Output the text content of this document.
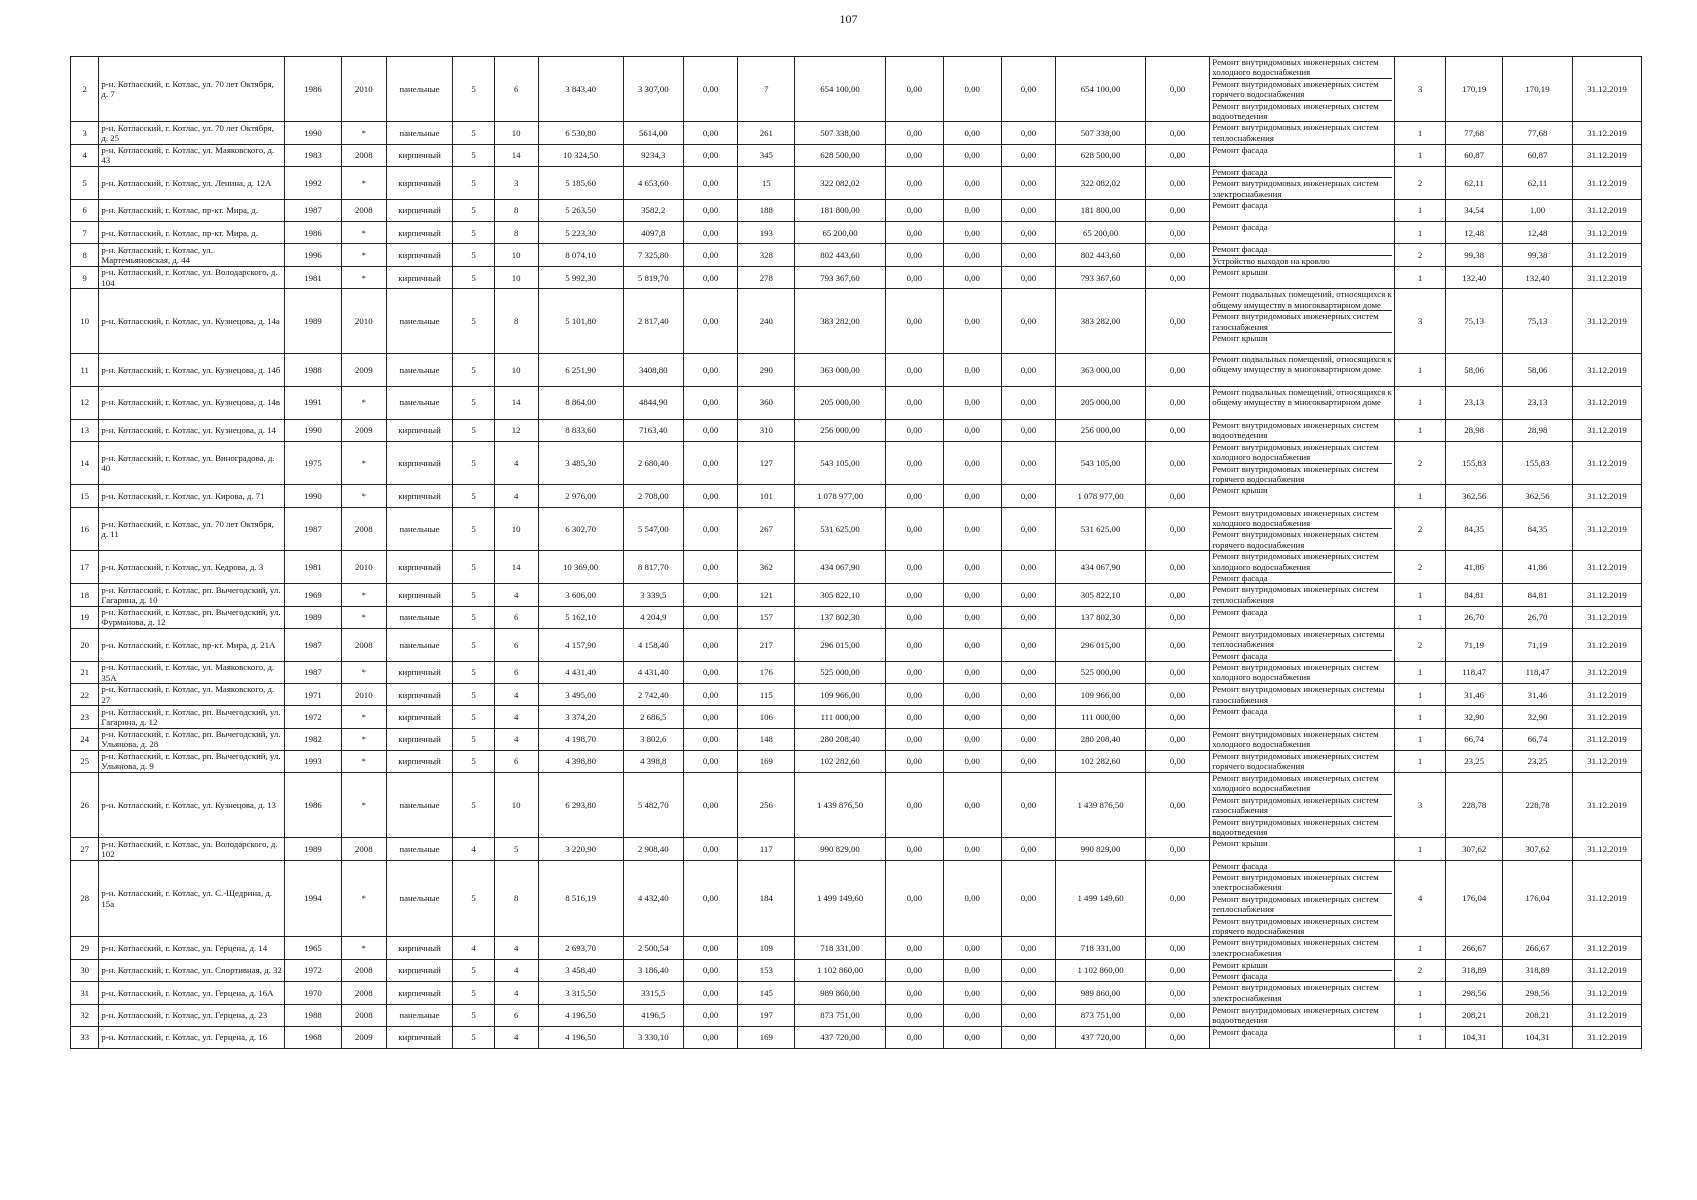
107
2	р-н. Котласский, г. Котлас, ул. 70 лет Октября, д. 7	1986	2010	панельные	5	6	3 843,40	3 307,00	0,00	7	654 100,00	0,00	0,00	0,00	654 100,00	0,00	Ремонт внутридомовых инженерных систем холодного водоснабжения
Ремонт внутридомовых инженерных систем горячего водоснабжения
Ремонт внутридомовых инженерных систем водоотведения	3	170,19	170,19	31.12.2019
3	р-н. Котласский, г. Котлас, ул. 70 лет Октября, д. 25	1990	*	панельные	5	10	6 530,80	5614,00	0,00	261	507 338,00	0,00	0,00	0,00	507 338,00	0,00	Ремонт внутридомовых инженерных систем теплоснабжения	1	77,68	77,68	31.12.2019
4	р-н. Котласский, г. Котлас, ул. Маяковского, д. 43	1983	2008	кирпичный	5	14	10 324,50	9234,3	0,00	345	628 500,00	0,00	0,00	0,00	628 500,00	0,00	Ремонт фасада	1	60,87	60,87	31.12.2019
5	р-н. Котласский, г. Котлас, ул. Ленина, д. 12А	1992	*	кирпичный	5	3	5 185,60	4 653,60	0,00	15	322 082,02	0,00	0,00	0,00	322 082,02	0,00	Ремонт фасада
Ремонт внутридомовых инженерных систем электроснабжения	2	62,11	62,11	31.12.2019
6	р-н. Котласский, г. Котлас, пр-кт. Мира, д.	1987	2008	кирпичный	5	8	5 263,50	3582,2	0,00	188	181 800,00	0,00	0,00	0,00	181 800,00	0,00	Ремонт фасада	1	34,54	1,00	31.12.2019
7	р-н. Котласский, г. Котлас, пр-кт. Мира, д.	1986	*	кирпичный	5	8	5 223,30	4097,8	0,00	193	65 200,00	0,00	0,00	0,00	65 200,00	0,00	Ремонт фасада	1	12,48	12,48	31.12.2019
8	р-н. Котласский, г. Котлас, ул. Мартемьяновская, д. 44	1996	*	кирпичный	5	10	8 074,10	7 325,80	0,00	328	802 443,60	0,00	0,00	0,00	802 443,60	0,00	Ремонт фасада
Устройство выходов на кровлю	2	99,38	99,38	31.12.2019
9	р-н. Котласский, г. Котлас, ул. Володарского, д. 104	1981	*	кирпичный	5	10	5 992,30	5 819,70	0,00	278	793 367,60	0,00	0,00	0,00	793 367,60	0,00	Ремонт крыши	1	132,40	132,40	31.12.2019
10	р-н. Котласский, г. Котлас, ул. Кузнецова, д. 14а	1989	2010	панельные	5	8	5 101,80	2 817,40	0,00	240	383 282,00	0,00	0,00	0,00	383 282,00	0,00	Ремонт подвальных помещений, относящихся к общему имуществу в многоквартирном доме
Ремонт внутридомовых инженерных систем газоснабжения
Ремонт крыши	3	75,13	75,13	31.12.2019
11	р-н. Котласский, г. Котлас, ул. Кузнецова, д. 14б	1988	2009	панельные	5	10	6 251,90	3408,80	0,00	290	363 000,00	0,00	0,00	0,00	363 000,00	0,00	Ремонт подвальных помещений, относящихся к общему имуществу в многоквартирном доме	1	58,06	58,06	31.12.2019
12	р-н. Котласский, г. Котлас, ул. Кузнецова, д. 14в	1991	*	панельные	5	14	8 864,00	4844,90	0,00	360	205 000,00	0,00	0,00	0,00	205 000,00	0,00	Ремонт подвальных помещений, относящихся к общему имуществу в многоквартирном доме	1	23,13	23,13	31.12.2019
13	р-н. Котласский, г. Котлас, ул. Кузнецова, д. 14	1990	2009	кирпичный	5	12	8 833,60	7163,40	0,00	310	256 000,00	0,00	0,00	0,00	256 000,00	0,00	Ремонт внутридомовых инженерных систем водоотведения	1	28,98	28,98	31.12.2019
14	р-н. Котласский, г. Котлас, ул. Виноградова, д. 40	1975	*	кирпичный	5	4	3 485,30	2 680,40	0,00	127	543 105,00	0,00	0,00	0,00	543 105,00	0,00	Ремонт внутридомовых инженерных систем холодного водоснабжения
Ремонт внутридомовых инженерных систем горячего водоснабжения	2	155,83	155,83	31.12.2019
15	р-н. Котласский, г. Котлас, ул. Кирова, д. 71	1990	*	кирпичный	5	4	2 976,00	2 708,00	0,00	101	1 078 977,00	0,00	0,00	0,00	1 078 977,00	0,00	Ремонт крыши	1	362,56	362,56	31.12.2019
16	р-н. Котласский, г. Котлас, ул. 70 лет Октября, д. 11	1987	2008	панельные	5	10	6 302,70	5 547,00	0,00	267	531 625,00	0,00	0,00	0,00	531 625,00	0,00	Ремонт внутридомовых инженерных систем холодного водоснабжения
Ремонт внутридомовых инженерных систем горячего водоснабжения	2	84,35	84,35	31.12.2019
17	р-н. Котласский, г. Котлас, ул. Кедрова, д. 3	1981	2010	кирпичный	5	14	10 369,00	8 817,70	0,00	362	434 067,90	0,00	0,00	0,00	434 067,90	0,00	Ремонт внутридомовых инженерных систем холодного водоснабжения
Ремонт фасада	2	41,86	41,86	31.12.2019
18	р-н. Котласский, г. Котлас, рп. Вычегодский, ул. Гагарина, д. 10	1969	*	кирпичный	5	4	3 606,00	3 339,5	0,00	121	305 822,10	0,00	0,00	0,00	305 822,10	0,00	Ремонт внутридомовых инженерных систем теплоснабжения	1	84,81	84,81	31.12.2019
19	р-н. Котласский, г. Котлас, рп. Вычегодский, ул. Фурманова, д. 12	1989	*	панельные	5	6	5 162,10	4 204,9	0,00	157	137 802,30	0,00	0,00	0,00	137 802,30	0,00	Ремонт фасада	1	26,70	26,70	31.12.2019
20	р-н. Котласский, г. Котлас, пр-кт. Мира, д. 21А	1987	2008	панельные	5	6	4 157,90	4 158,40	0,00	217	296 015,00	0,00	0,00	0,00	296 015,00	0,00	Ремонт внутридомовых инженерных системы теплоснабжения
Ремонт фасада	2	71,19	71,19	31.12.2019
21	р-н. Котласский, г. Котлас, ул. Маяковского, д. 35А	1987	*	кирпичный	5	6	4 431,40	4 431,40	0,00	176	525 000,00	0,00	0,00	0,00	525 000,00	0,00	Ремонт внутридомовых инженерных систем холодного водоснабжения	1	118,47	118,47	31.12.2019
22	р-н. Котласский, г. Котлас, ул. Маяковского, д. 27	1971	2010	кирпичный	5	4	3 495,00	2 742,40	0,00	115	109 966,00	0,00	0,00	0,00	109 966,00	0,00	Ремонт внутридомовых инженерных системы газоснабжения	1	31,46	31,46	31.12.2019
23	р-н. Котласский, г. Котлас, рп. Вычегодский, ул. Гагарина, д. 12	1972	*	кирпичный	5	4	3 374,20	2 686,5	0,00	106	111 000,00	0,00	0,00	0,00	111 000,00	0,00	Ремонт фасада	1	32,90	32,90	31.12.2019
24	р-н. Котласский, г. Котлас, рп. Вычегодский, ул. Ульянова, д. 28	1982	*	кирпичный	5	4	4 198,70	3 802,6	0,00	148	280 208,40	0,00	0,00	0,00	280 208,40	0,00	Ремонт внутридомовых инженерных систем холодного водоснабжения	1	66,74	66,74	31.12.2019
25	р-н. Котласский, г. Котлас, рп. Вычегодский, ул. Ульянова, д. 9	1993	*	кирпичный	5	6	4 398,80	4 398,8	0,00	169	102 282,60	0,00	0,00	0,00	102 282,60	0,00	Ремонт внутридомовых инженерных систем горячего водоснабжения	1	23,25	23,25	31.12.2019
26	р-н. Котласский, г. Котлас, ул. Кузнецова, д. 13	1986	*	панельные	5	10	6 293,80	5 482,70	0,00	256	1 439 876,50	0,00	0,00	0,00	1 439 876,50	0,00	Ремонт внутридомовых инженерных систем холодного водоснабжения
Ремонт внутридомовых инженерных систем газоснабжения
Ремонт внутридомовых инженерных систем водоотведения	3	228,78	228,78	31.12.2019
27	р-н. Котласский, г. Котлас, ул. Володарского, д. 102	1989	2008	панельные	4	5	3 220,90	2 908,40	0,00	117	990 829,00	0,00	0,00	0,00	990 829,00	0,00	Ремонт крыши	1	307,62	307,62	31.12.2019
28	р-н. Котласский, г. Котлас, ул. С.-Щедрина, д. 15а	1994	*	панельные	5	8	8 516,19	4 432,40	0,00	184	1 499 149,60	0,00	0,00	0,00	1 499 149,60	0,00	Ремонт фасада
Ремонт внутридомовых инженерных систем электроснабжения
Ремонт внутридомовых инженерных систем теплоснабжения
Ремонт внутридомовых инженерных систем горячего водоснабжения	4	176,04	176,04	31.12.2019
29	р-н. Котласский, г. Котлас, ул. Герцена, д. 14	1965	*	кирпичный	4	4	2 693,70	2 500,54	0,00	109	718 331,00	0,00	0,00	0,00	718 331,00	0,00	Ремонт внутридомовых инженерных систем электроснабжения	1	266,67	266,67	31.12.2019
30	р-н. Котласский, г. Котлас, ул. Спортивная, д. 32	1972	2008	кирпичный	5	4	3 458,40	3 186,40	0,00	153	1 102 860,00	0,00	0,00	0,00	1 102 860,00	0,00	Ремонт крыши
Ремонт фасада	2	318,89	318,89	31.12.2019
31	р-н. Котласский, г. Котлас, ул. Герцена, д. 16А	1970	2008	кирпичный	5	4	3 315,50	3315,5	0,00	145	989 860,00	0,00	0,00	0,00	989 860,00	0,00	Ремонт внутридомовых инженерных систем электроснабжения	1	298,56	298,56	31.12.2019
32	р-н. Котласский, г. Котлас, ул. Герцена, д. 23	1988	2008	панельные	5	6	4 196,50	4196,5	0,00	197	873 751,00	0,00	0,00	0,00	873 751,00	0,00	Ремонт внутридомовых инженерных систем водоотведения	1	208,21	208,21	31.12.2019
33	р-н. Котласский, г. Котлас, ул. Герцена, д. 16	1968	2009	кирпичный	5	4	4 196,50	3 330,10	0,00	169	437 720,00	0,00	0,00	0,00	437 720,00	0,00	Ремонт фасада	1	104,31	104,31	31.12.2019
